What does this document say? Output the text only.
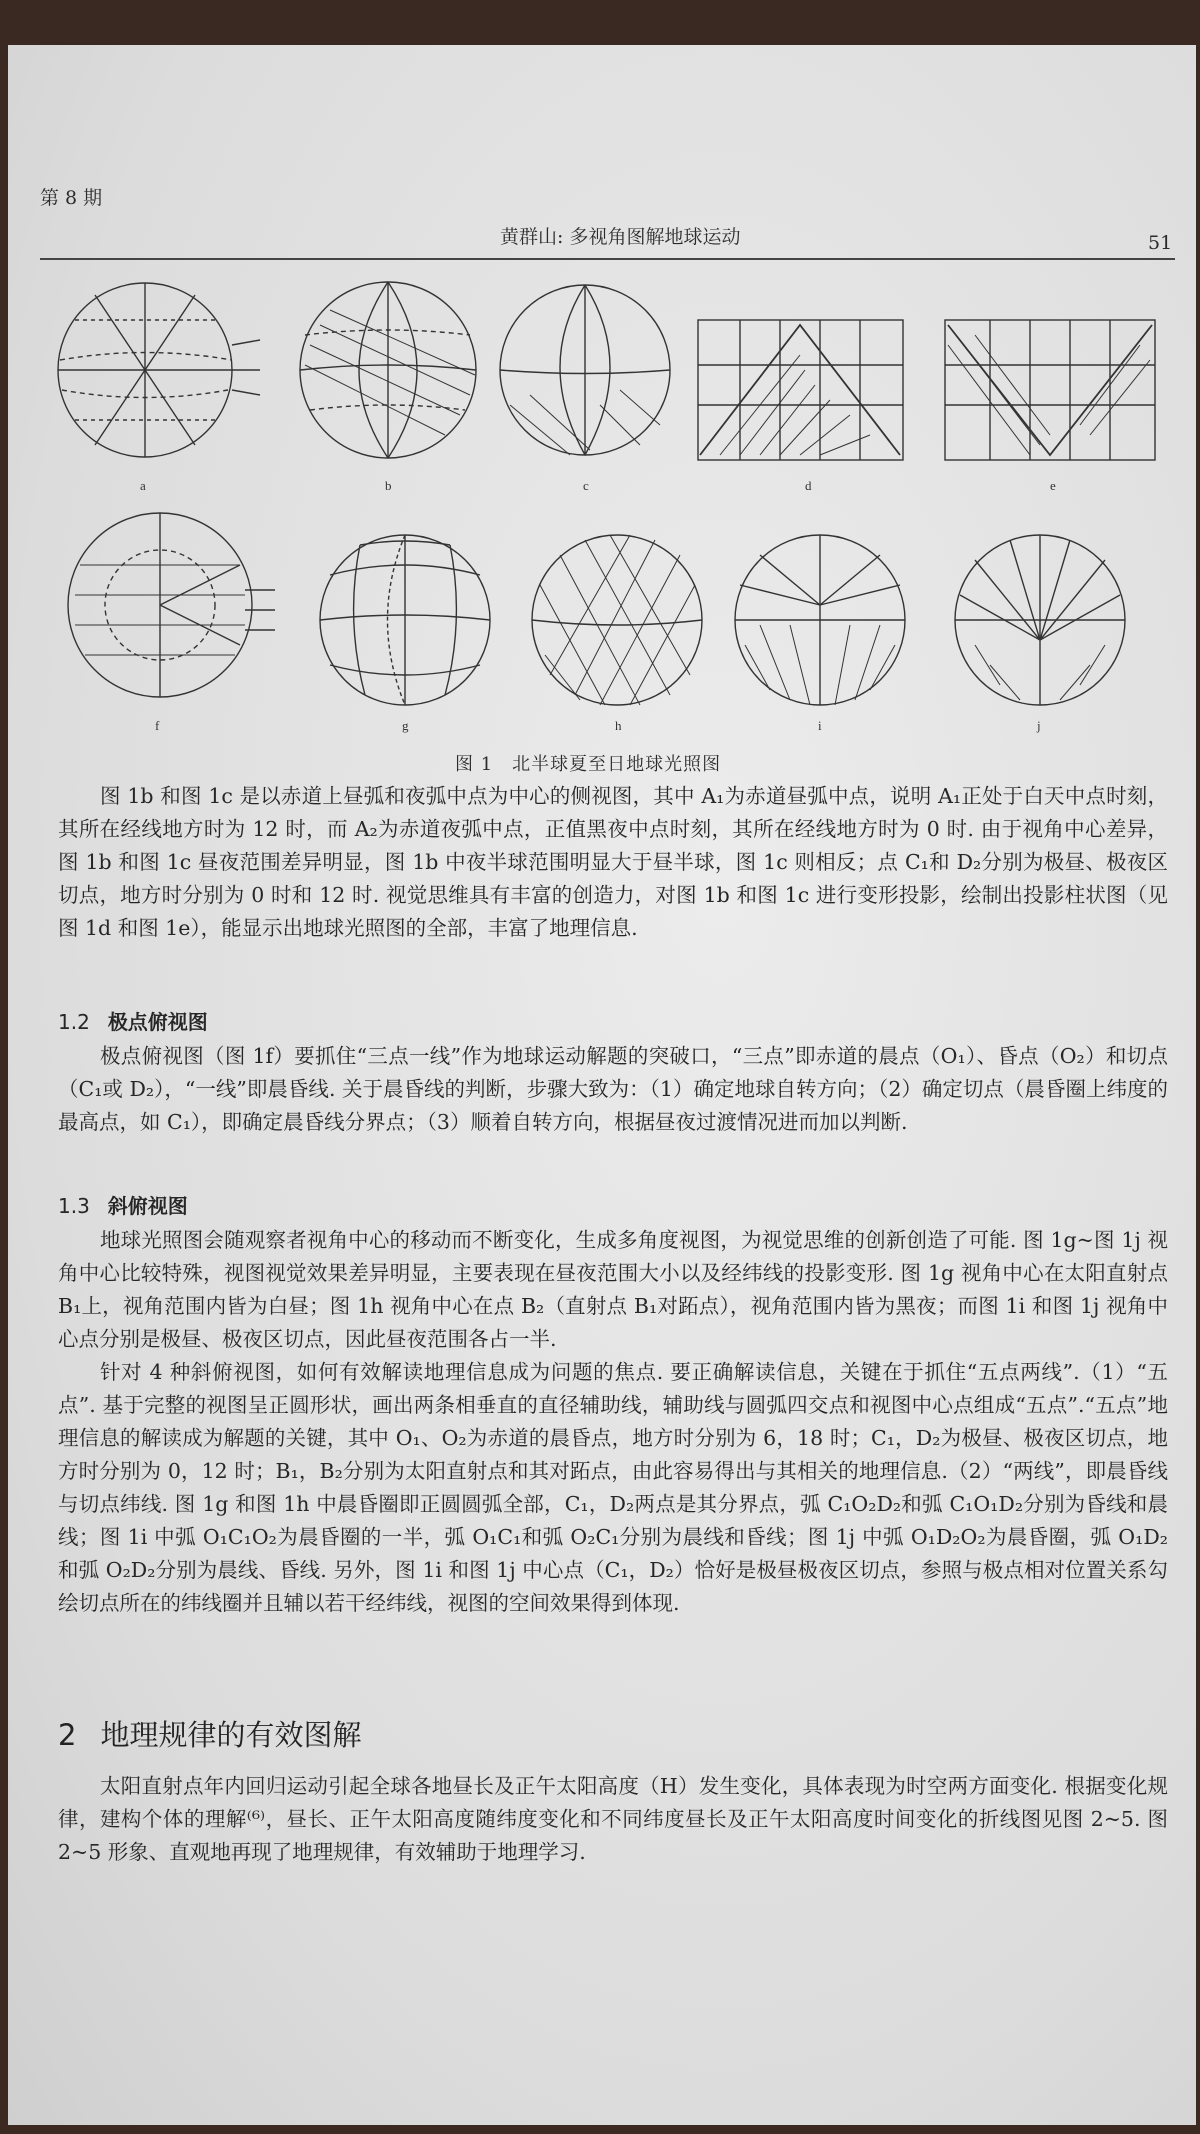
第 8 期
黄群山: 多视角图解地球运动	51
a	b	c	d	e
f	g	h	i	j
图 1　北半球夏至日地球光照图

图 1b 和图 1c 是以赤道上昼弧和夜弧中点为中心的侧视图，其中 A₁为赤道昼弧中点，说明 A₁正处于白天中点时刻，其所在经线地方时为 12 时，而 A₂为赤道夜弧中点，正值黑夜中点时刻，其所在经线地方时为 0 时. 由于视角中心差异，图 1b 和图 1c 昼夜范围差异明显，图 1b 中夜半球范围明显大于昼半球，图 1c 则相反；点 C₁和 D₂分别为极昼、极夜区切点，地方时分别为 0 时和 12 时. 视觉思维具有丰富的创造力，对图 1b 和图 1c 进行变形投影，绘制出投影柱状图（见图 1d 和图 1e），能显示出地球光照图的全部，丰富了地理信息.

1.2 极点俯视图

极点俯视图（图 1f）要抓住“三点一线”作为地球运动解题的突破口，“三点”即赤道的晨点（O₁）、昏点（O₂）和切点（C₁或 D₂），“一线”即晨昏线. 关于晨昏线的判断，步骤大致为：（1）确定地球自转方向；（2）确定切点（晨昏圈上纬度的最高点，如 C₁），即确定晨昏线分界点；（3）顺着自转方向，根据昼夜过渡情况进而加以判断.

1.3 斜俯视图

地球光照图会随观察者视角中心的移动而不断变化，生成多角度视图，为视觉思维的创新创造了可能. 图 1g~图 1j 视角中心比较特殊，视图视觉效果差异明显，主要表现在昼夜范围大小以及经纬线的投影变形. 图 1g 视角中心在太阳直射点 B₁上，视角范围内皆为白昼；图 1h 视角中心在点 B₂（直射点 B₁对跖点），视角范围内皆为黑夜；而图 1i 和图 1j 视角中心点分别是极昼、极夜区切点，因此昼夜范围各占一半.

针对 4 种斜俯视图，如何有效解读地理信息成为问题的焦点. 要正确解读信息，关键在于抓住“五点两线”.（1）“五点”. 基于完整的视图呈正圆形状，画出两条相垂直的直径辅助线，辅助线与圆弧四交点和视图中心点组成“五点”.“五点”地理信息的解读成为解题的关键，其中 O₁、O₂为赤道的晨昏点，地方时分别为 6，18 时；C₁，D₂为极昼、极夜区切点，地方时分别为 0，12 时；B₁，B₂分别为太阳直射点和其对跖点，由此容易得出与其相关的地理信息.（2）“两线”，即晨昏线与切点纬线. 图 1g 和图 1h 中晨昏圈即正圆圆弧全部，C₁，D₂两点是其分界点，弧 C₁O₂D₂和弧 C₁O₁D₂分别为昏线和晨线；图 1i 中弧 O₁C₁O₂为晨昏圈的一半，弧 O₁C₁和弧 O₂C₁分别为晨线和昏线；图 1j 中弧 O₁D₂O₂为晨昏圈，弧 O₁D₂和弧 O₂D₂分别为晨线、昏线. 另外，图 1i 和图 1j 中心点（C₁，D₂）恰好是极昼极夜区切点，参照与极点相对位置关系勾绘切点所在的纬线圈并且辅以若干经纬线，视图的空间效果得到体现.

2 地理规律的有效图解

太阳直射点年内回归运动引起全球各地昼长及正午太阳高度（H）发生变化，具体表现为时空两方面变化. 根据变化规律，建构个体的理解⁽⁶⁾，昼长、正午太阳高度随纬度变化和不同纬度昼长及正午太阳高度时间变化的折线图见图 2~5. 图 2~5 形象、直观地再现了地理规律，有效辅助于地理学习.
